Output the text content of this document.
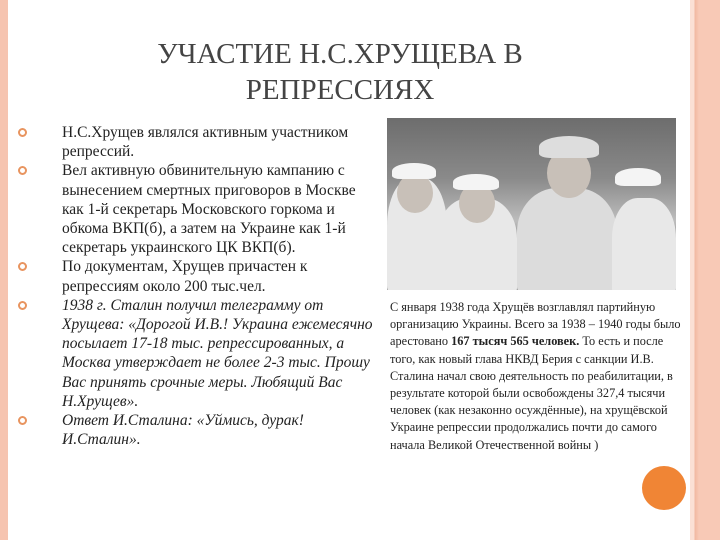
УЧАСТИЕ Н.С.ХРУЩЕВА В
РЕПРЕССИЯХ
Н.С.Хрущев являлся активным участником репрессий.
Вел активную обвинительную кампанию с вынесением смертных приговоров в Москве как 1-й секретарь Московского горкома и обкома ВКП(б), а затем на Украине как 1-й секретарь украинского ЦК ВКП(б).
По документам, Хрущев причастен к репрессиям около 200 тыс.чел.
1938 г. Сталин получил телеграмму от Хрущева: «Дорогой И.В.! Украина ежемесячно посылает 17-18 тыс. репрессированных, а Москва утверждает не более 2-3 тыс. Прошу Вас принять срочные меры. Любящий Вас Н.Хрущев».
Ответ И.Сталина: «Уймись, дурак! И.Сталин».
С января 1938 года Хрущёв возглавлял партийную организацию Украины. Всего за 1938 – 1940 годы было арестовано 167 тысяч 565 человек. То есть и после того, как новый глава НКВД Берия с санкции И.В. Сталина начал свою деятельность по реабилитации, в результате которой были освобождены 327,4 тысячи человек (как незаконно осуждённые), на хрущёвской Украине репрессии продолжались почти до самого начала Великой Отечественной войны )
